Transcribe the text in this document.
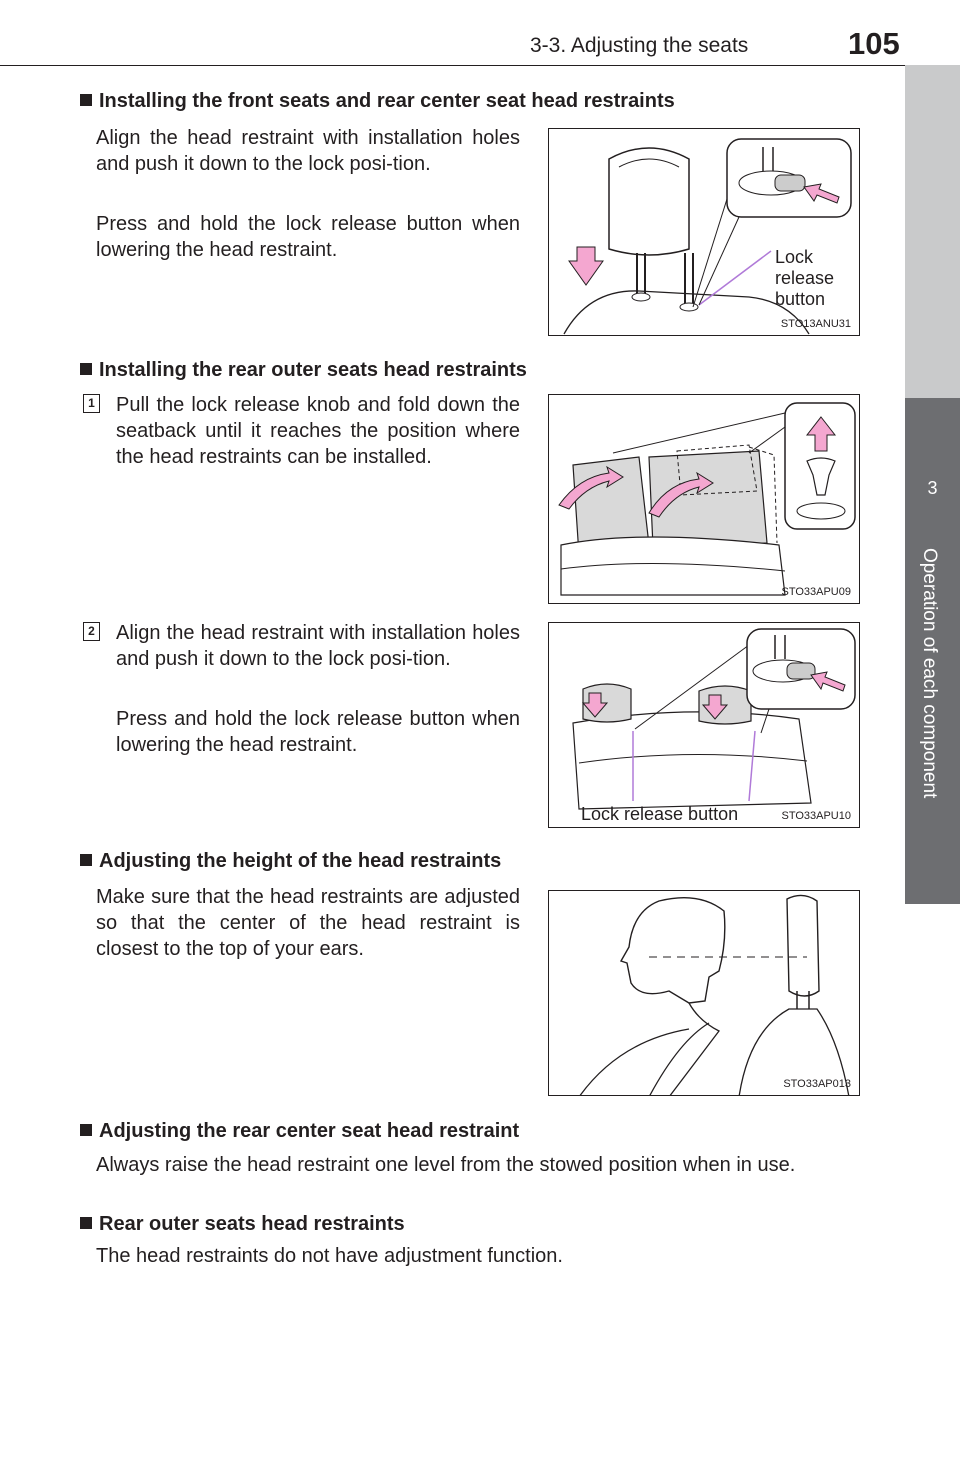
3-3. Adjusting the seats	105
3
Operation of each component
Installing the front seats and rear center seat head restraints
Align the head restraint with installation holes and push it down to the lock posi-tion.
Press and hold the lock release button when lowering the head restraint.	Lock
release
button
STO13ANU31
Installing the rear outer seats head restraints
1 Pull the lock release knob and fold down the seatback until it reaches the position where the head restraints can be installed.
STO33APU09
2 Align the head restraint with installation holes and push it down to the lock posi-tion.
Press and hold the lock release button when lowering the head restraint.
Lock release button	STO33APU10
Adjusting the height of the head restraints
Make sure that the head restraints are adjusted so that the center of the head restraint is closest to the top of your ears.
STO33AP013
Adjusting the rear center seat head restraint
Always raise the head restraint one level from the stowed position when in use.
Rear outer seats head restraints
The head restraints do not have adjustment function.
